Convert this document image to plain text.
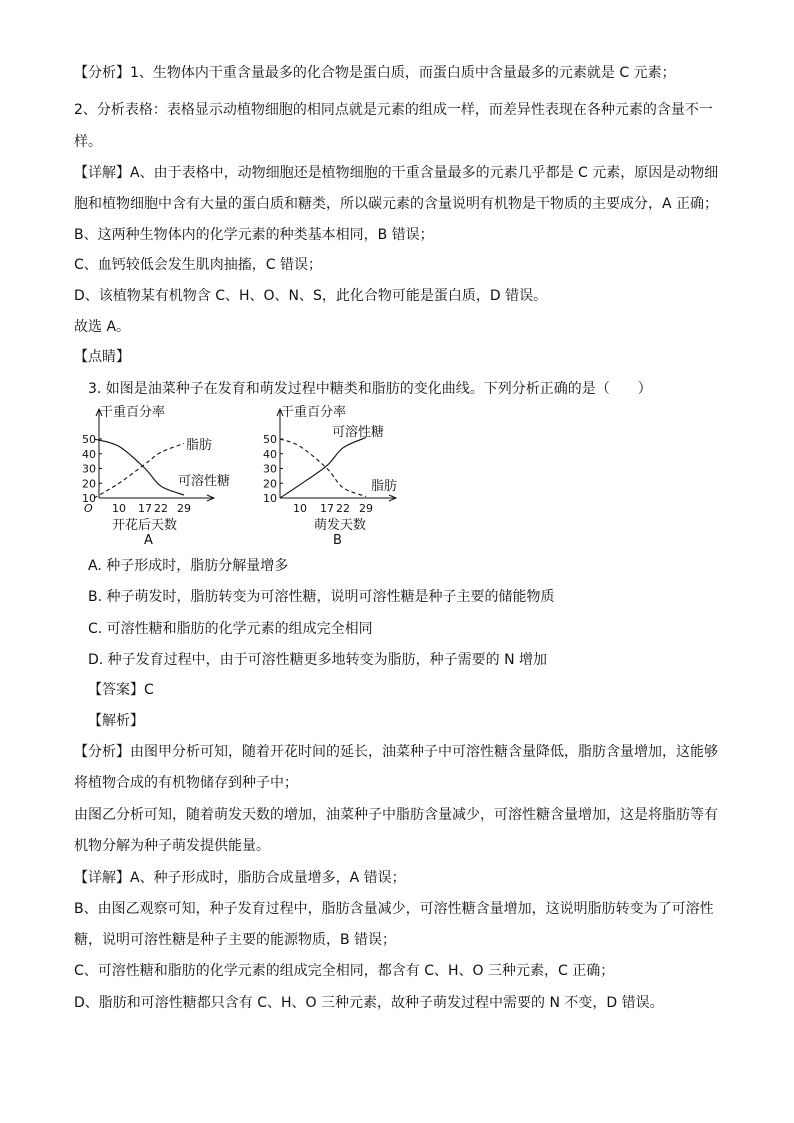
【分析】1、生物体内干重含量最多的化合物是蛋白质，而蛋白质中含量最多的元素就是 C 元素；
2、分析表格：表格显示动植物细胞的相同点就是元素的组成一样，而差异性表现在各种元素的含量不一
样。
【详解】A、由于表格中，动物细胞还是植物细胞的干重含量最多的元素几乎都是 C 元素，原因是动物细
胞和植物细胞中含有大量的蛋白质和糖类，所以碳元素的含量说明有机物是干物质的主要成分，A 正确；
B、这两种生物体内的化学元素的种类基本相同，B 错误；
C、血钙较低会发生肌肉抽搐，C 错误；
D、该植物某有机物含 C、H、O、N、S，此化合物可能是蛋白质，D 错误。
故选 A。
【点睛】
3. 如图是油菜种子在发育和萌发过程中糖类和脂肪的变化曲线。下列分析正确的是（　　）
干重百分率
10
20
30
40
50
10 17 22 29
O
开花后天数
A
脂肪
可溶性糖
干重百分率
10
20
30
40
50
10 17 22 29
萌发天数
B
可溶性糖
脂肪
A. 种子形成时，脂肪分解量增多
B. 种子萌发时，脂肪转变为可溶性糖，说明可溶性糖是种子主要的储能物质
C. 可溶性糖和脂肪的化学元素的组成完全相同
D. 种子发育过程中，由于可溶性糖更多地转变为脂肪，种子需要的 N 增加
【答案】C
【解析】
【分析】由图甲分析可知，随着开花时间的延长，油菜种子中可溶性糖含量降低，脂肪含量增加，这能够
将植物合成的有机物储存到种子中；
由图乙分析可知，随着萌发天数的增加，油菜种子中脂肪含量减少，可溶性糖含量增加，这是将脂肪等有
机物分解为种子萌发提供能量。
【详解】A、种子形成时，脂肪合成量增多，A 错误；
B、由图乙观察可知，种子发育过程中，脂肪含量减少，可溶性糖含量增加，这说明脂肪转变为了可溶性
糖，说明可溶性糖是种子主要的能源物质，B 错误；
C、可溶性糖和脂肪的化学元素的组成完全相同，都含有 C、H、O 三种元素，C 正确；
D、脂肪和可溶性糖都只含有 C、H、O 三种元素，故种子萌发过程中需要的 N 不变，D 错误。
